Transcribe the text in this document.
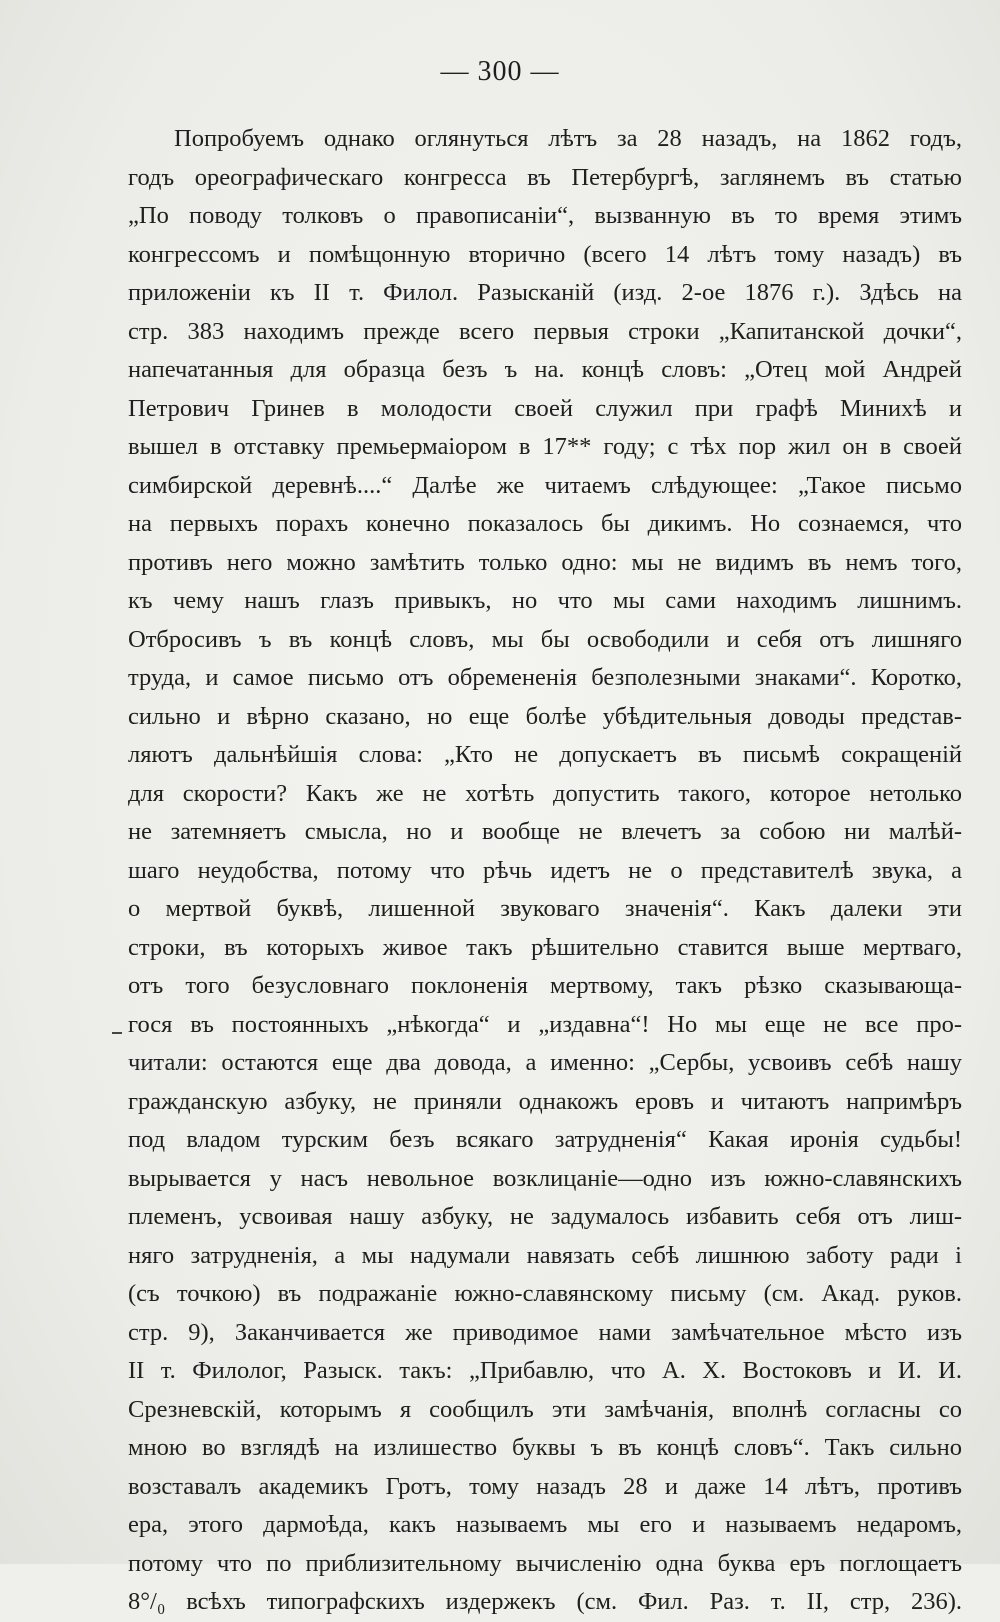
— 300 —
Попробуемъ однако оглянуться лѣтъ за 28 назадъ, на 1862 годъ,
годъ ореографическаго конгресса въ Петербургѣ, заглянемъ въ статью
„По поводу толковъ о правописаніи“, вызванную въ то время этимъ
конгрессомъ и помѣщонную вторично (всего 14 лѣтъ тому назадъ) въ
приложеніи къ II т. Филол. Разысканій (изд. 2-ое 1876 г.). Здѣсь на
стр. 383 находимъ прежде всего первыя строки „Капитанской дочки“,
напечатанныя для образца безъ ъ на. концѣ словъ: „Отец мой Андрей
Петрович Гринев в молодости своей служил при графѣ Минихѣ и
вышел в отставку премьермаіором в 17** году; с тѣх пор жил он в своей
симбирской деревнѣ....“ Далѣе же читаемъ слѣдующее: „Такое письмо
на первыхъ порахъ конечно показалось бы дикимъ. Но сознаемся, что
противъ него можно замѣтить только одно: мы не видимъ въ немъ того,
къ чему нашъ глазъ привыкъ, но что мы сами находимъ лишнимъ.
Отбросивъ ъ въ концѣ словъ, мы бы освободили и себя отъ лишняго
труда, и самое письмо отъ обремененія безполезными знаками“. Коротко,
сильно и вѣрно сказано, но еще болѣе убѣдительныя доводы представ-
ляютъ дальнѣйшія слова: „Кто не допускаетъ въ письмѣ сокращеній
для скорости? Какъ же не хотѣть допустить такого, которое нетолько
не затемняетъ смысла, но и вообще не влечетъ за собою ни малѣй-
шаго неудобства, потому что рѣчь идетъ не о представителѣ звука, а
о мертвой буквѣ, лишенной звуковаго значенія“. Какъ далеки эти
строки, въ которыхъ живое такъ рѣшительно ставится выше мертваго,
отъ того безусловнаго поклоненія мертвому, такъ рѣзко сказывающа-
гося въ постоянныхъ „нѣкогда“ и „издавна“! Но мы еще не все про-
читали: остаются еще два довода, а именно: „Сербы, усвоивъ себѣ нашу
гражданскую азбуку, не приняли однакожъ еровъ и читаютъ напримѣръ
под владом турским безъ всякаго затрудненія“ Какая иронія судьбы!
вырывается у насъ невольное возклицаніе—одно изъ южно-славянскихъ
племенъ, усвоивая нашу азбуку, не задумалось избавить себя отъ лиш-
няго затрудненія, а мы надумали навязать себѣ лишнюю заботу ради і
(съ точкою) въ подражаніе южно-славянскому письму (см. Акад. руков.
стр. 9), Заканчивается же приводимое нами замѣчательное мѣсто изъ
II т. Филолог, Разыск. такъ: „Прибавлю, что А. Х. Востоковъ и И. И.
Срезневскій, которымъ я сообщилъ эти замѣчанія, вполнѣ согласны со
мною во взглядѣ на излишество буквы ъ въ концѣ словъ“. Такъ сильно
возставалъ академикъ Гротъ, тому назадъ 28 и даже 14 лѣтъ, противъ
ера, этого дармоѣда, какъ называемъ мы его и называемъ недаромъ,
потому что по приблизительному вычисленію одна буква еръ поглощаетъ
8°/₀ всѣхъ типографскихъ издержекъ (см. Фил. Раз. т. II, стр, 236).
